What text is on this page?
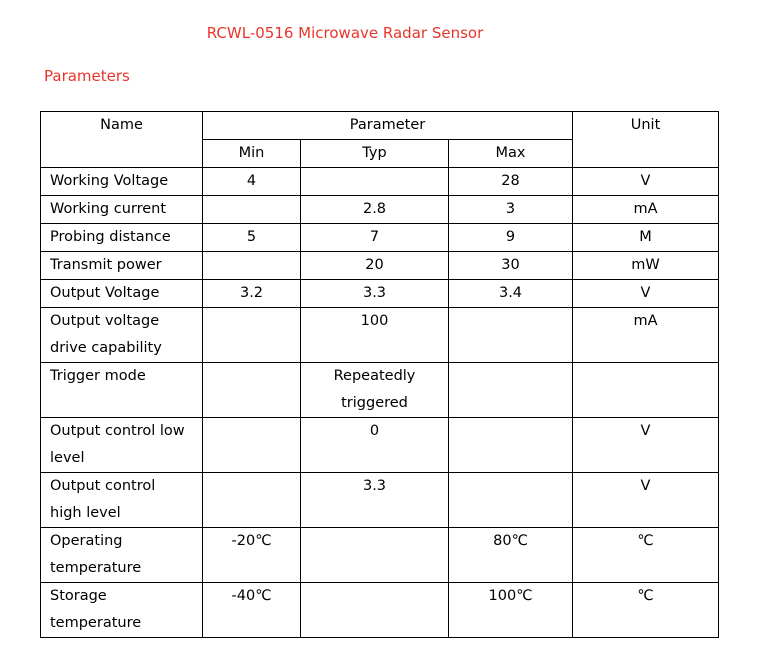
RCWL-0516 Microwave Radar Sensor
Parameters
Name	Parameter			Unit
	Min	Typ	Max	

Working Voltage	4		28	V

Working current		2.8	3	mA

Probing distance	5	7	9	M

Transmit power		20	30	mW

Output Voltage	3.2	3.3	3.4	V

Output voltage
drive capability		100		mA

Trigger mode		Repeatedly
triggered		

Output control low
level		0		V

Output control
high level		3.3		V

Operating
temperature	-20℃		80℃	℃

Storage
temperature	-40℃		100℃	℃
